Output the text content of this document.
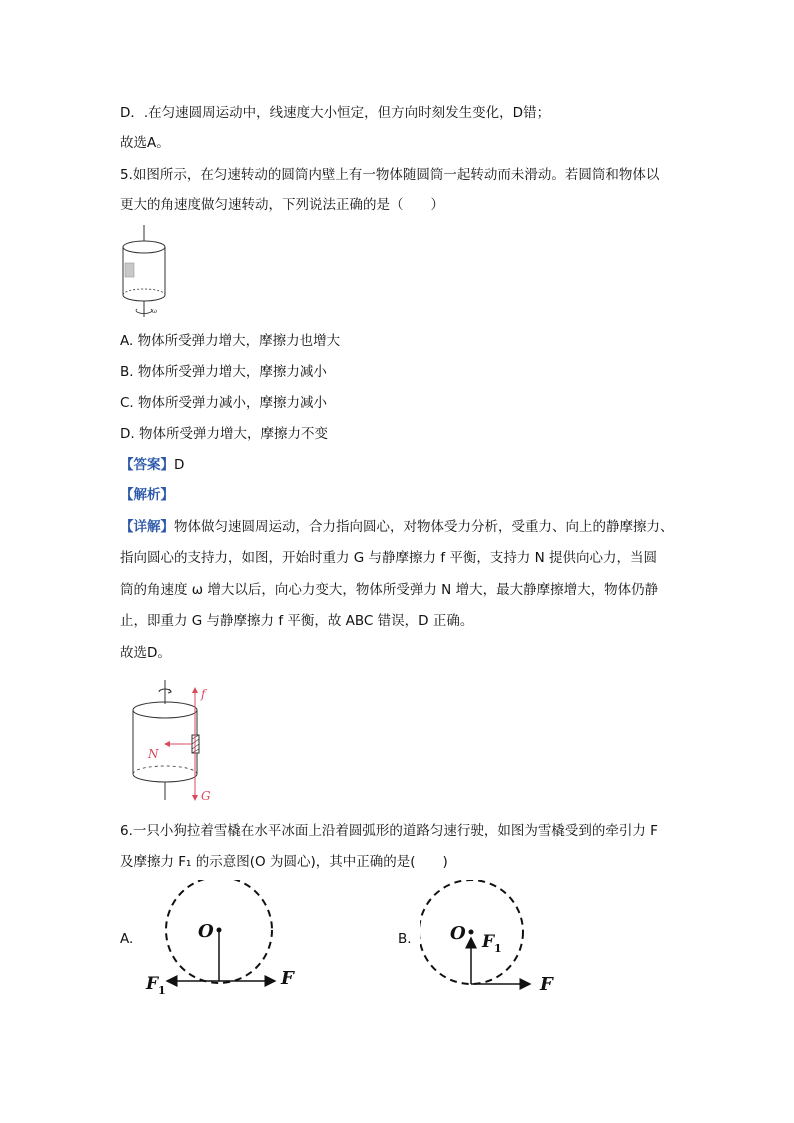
D．.在匀速圆周运动中，线速度大小恒定，但方向时刻发生变化，D错；
故选A。
5.如图所示，在匀速转动的圆筒内壁上有一物体随圆筒一起转动而未滑动。若圆筒和物体以
更大的角速度做匀速转动，下列说法正确的是（　　）
ω
A. 物体所受弹力增大，摩擦力也增大
B. 物体所受弹力增大，摩擦力减小
C. 物体所受弹力减小，摩擦力减小
D. 物体所受弹力增大，摩擦力不变
【答案】D
【解析】
【详解】物体做匀速圆周运动，合力指向圆心，对物体受力分析，受重力、向上的静摩擦力、
指向圆心的支持力，如图，开始时重力 G 与静摩擦力 f 平衡，支持力 N 提供向心力，当圆
筒的角速度 ω 增大以后，向心力变大，物体所受弹力 N 增大，最大静摩擦增大，物体仍静
止，即重力 G 与静摩擦力 f 平衡，故 ABC 错误，D 正确。
故选D。
f
N
G
6.一只小狗拉着雪橇在水平冰面上沿着圆弧形的道路匀速行驶，如图为雪橇受到的牵引力 F
及摩擦力 F₁ 的示意图(O 为圆心)，其中正确的是(　　)
A.	O
F
F 1
B. O F 1
F
